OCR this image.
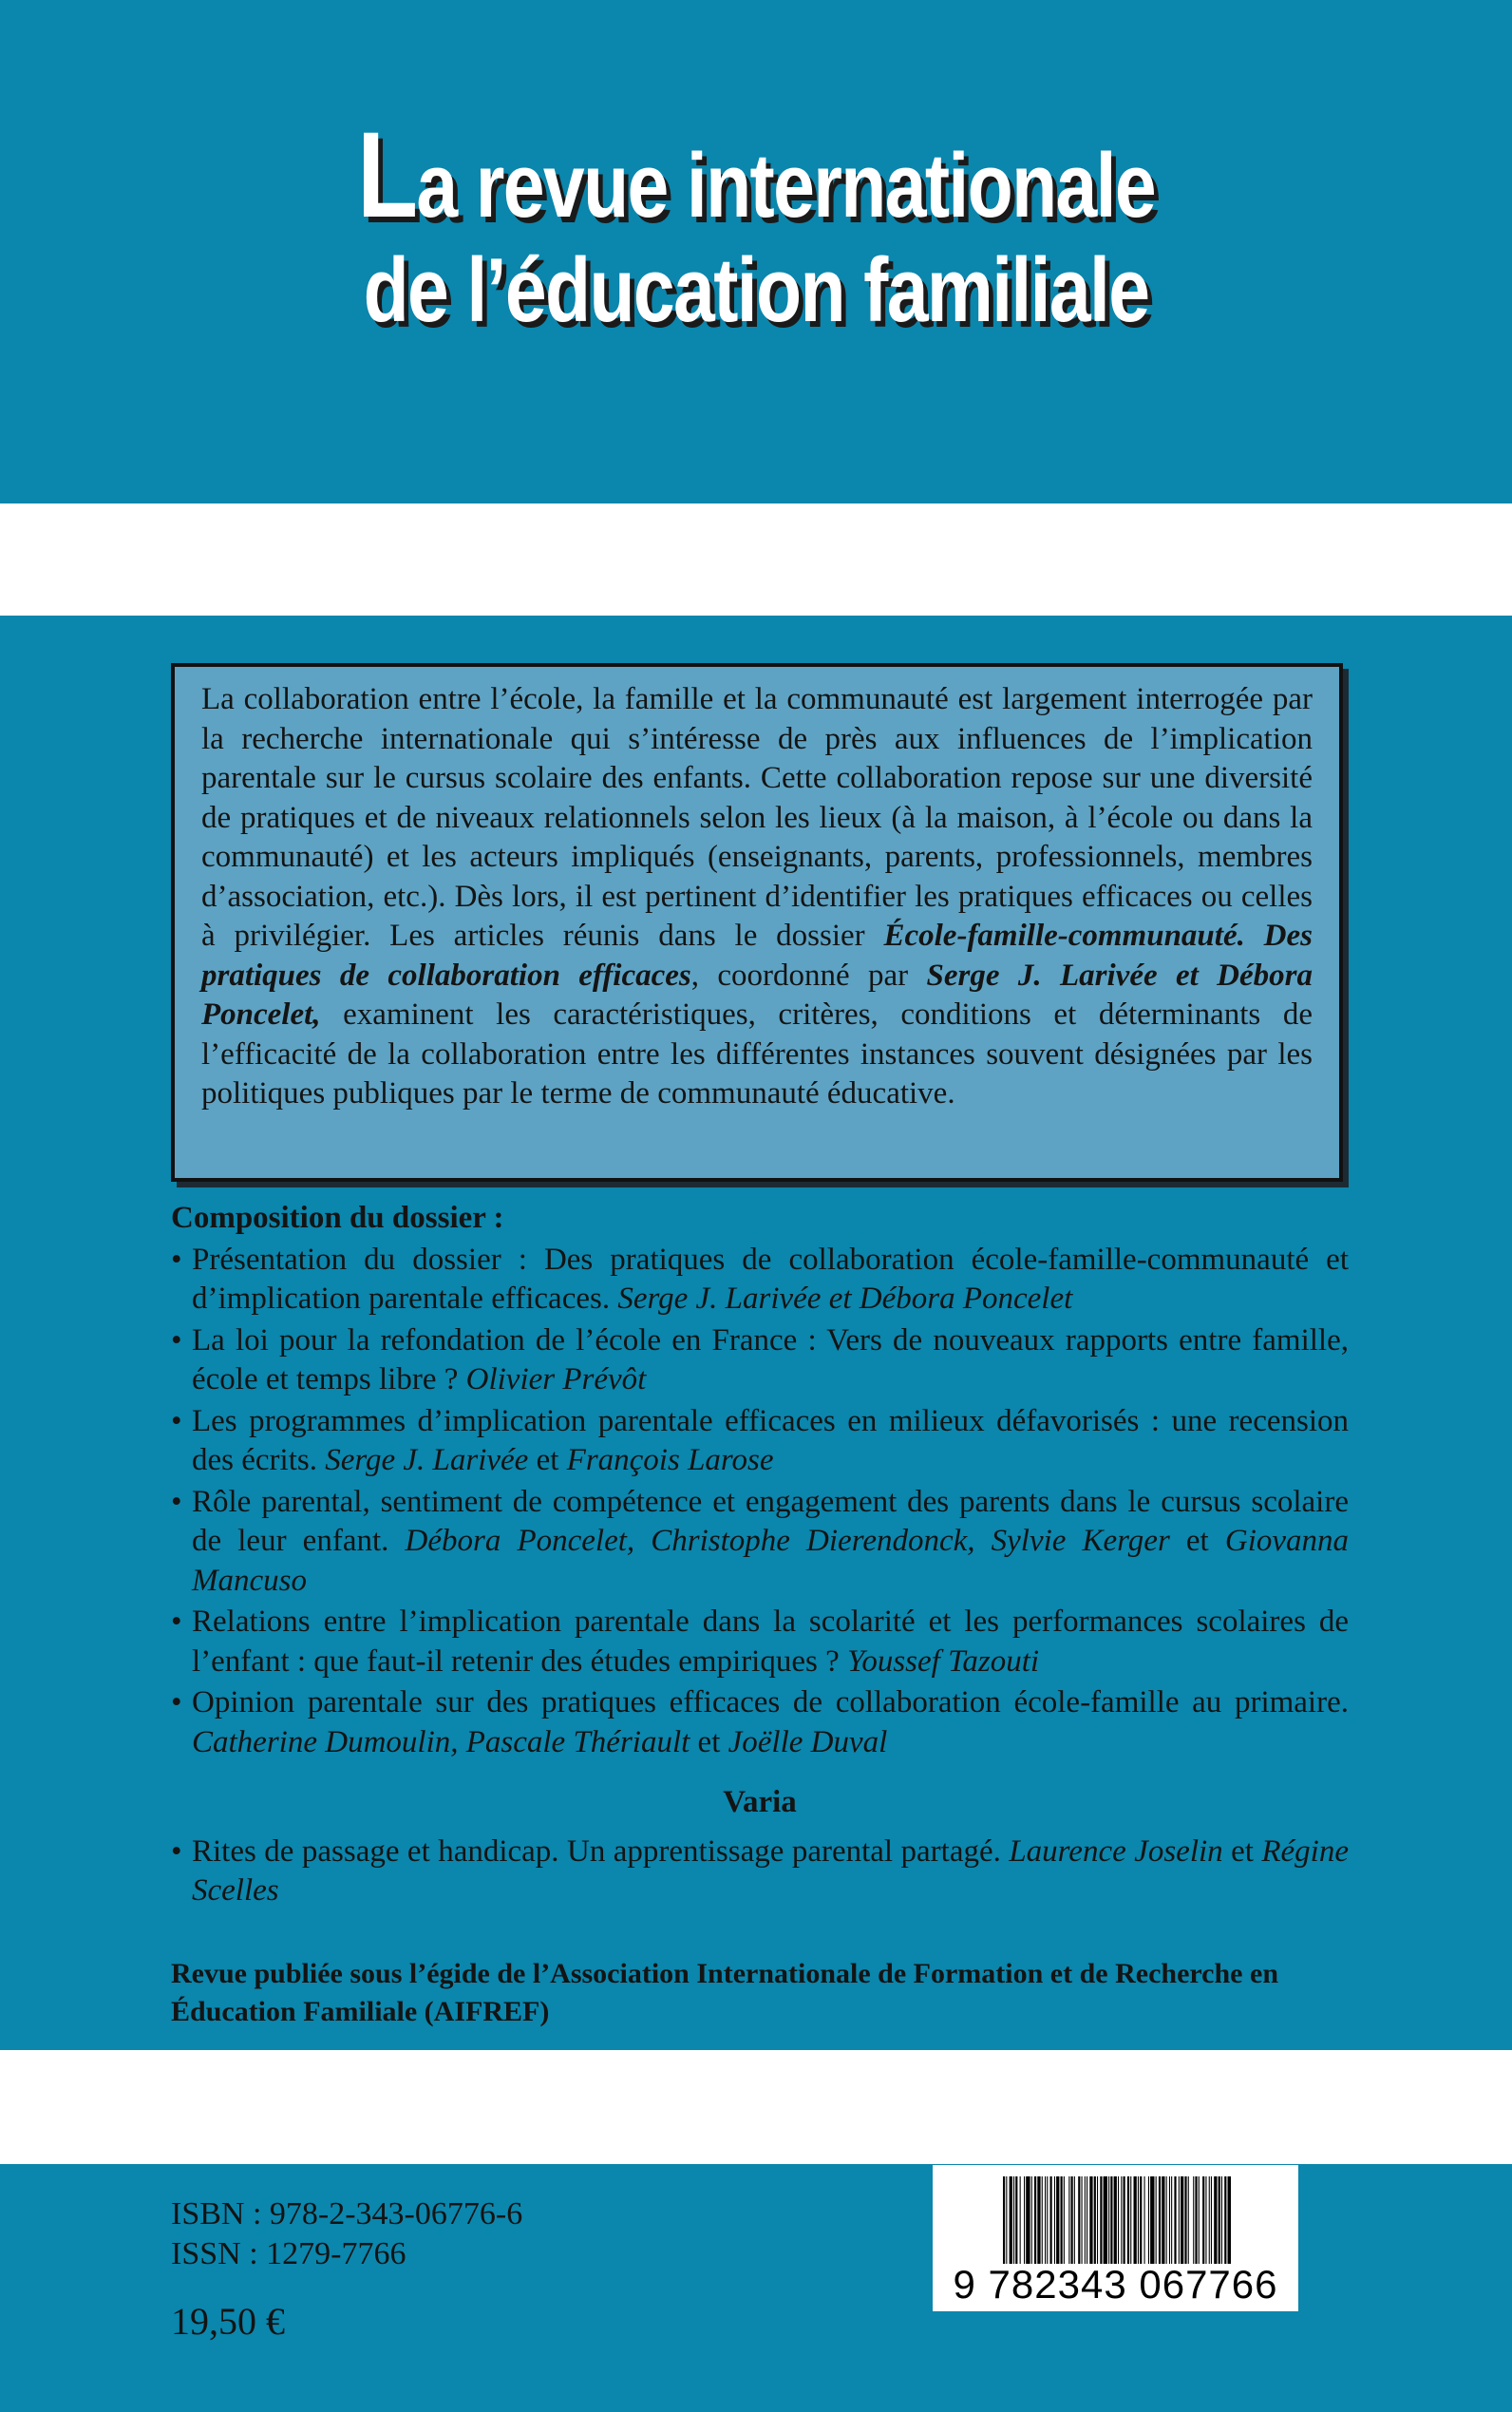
La revue internationale
de l’éducation familiale
La collaboration entre l’école, la famille et la communauté est largement interrogée par la recherche internationale qui s’intéresse de près aux influences de l’implication parentale sur le cursus scolaire des enfants. Cette collaboration repose sur une diversité de pratiques et de niveaux relationnels selon les lieux (à la maison, à l’école ou dans la communauté) et les acteurs impliqués (enseignants, parents, professionnels, membres d’association, etc.). Dès lors, il est pertinent d’identifier les pratiques efficaces ou celles à privilégier. Les articles réunis dans le dossier École-famille-communauté. Des pratiques de collaboration efficaces, coordonné par Serge J. Larivée et Débora Poncelet, examinent les caractéristiques, critères, conditions et déterminants de l’efficacité de la collaboration entre les différentes instances souvent désignées par les politiques publiques par le terme de communauté éducative.
Composition du dossier :
• Présentation du dossier : Des pratiques de collaboration école-famille-communauté et d’implication parentale efficaces. Serge J. Larivée et Débora Poncelet
• La loi pour la refondation de l’école en France : Vers de nouveaux rapports entre famille, école et temps libre ? Olivier Prévôt
• Les programmes d’implication parentale efficaces en milieux défavorisés : une recension des écrits. Serge J. Larivée et François Larose
• Rôle parental, sentiment de compétence et engagement des parents dans le cursus scolaire de leur enfant. Débora Poncelet, Christophe Dierendonck, Sylvie Kerger et Giovanna Mancuso
• Relations entre l’implication parentale dans la scolarité et les performances scolaires de l’enfant : que faut-il retenir des études empiriques ? Youssef Tazouti
• Opinion parentale sur des pratiques efficaces de collaboration école-famille au primaire. Catherine Dumoulin, Pascale Thériault et Joëlle Duval
Varia
• Rites de passage et handicap. Un apprentissage parental partagé. Laurence Joselin et Régine Scelles
Revue publiée sous l’égide de l’Association Internationale de Formation et de Recherche en Éducation Familiale (AIFREF)
ISBN : 978-2-343-06776-6
ISSN : 1279-7766
19,50 €
9 782343 067766
